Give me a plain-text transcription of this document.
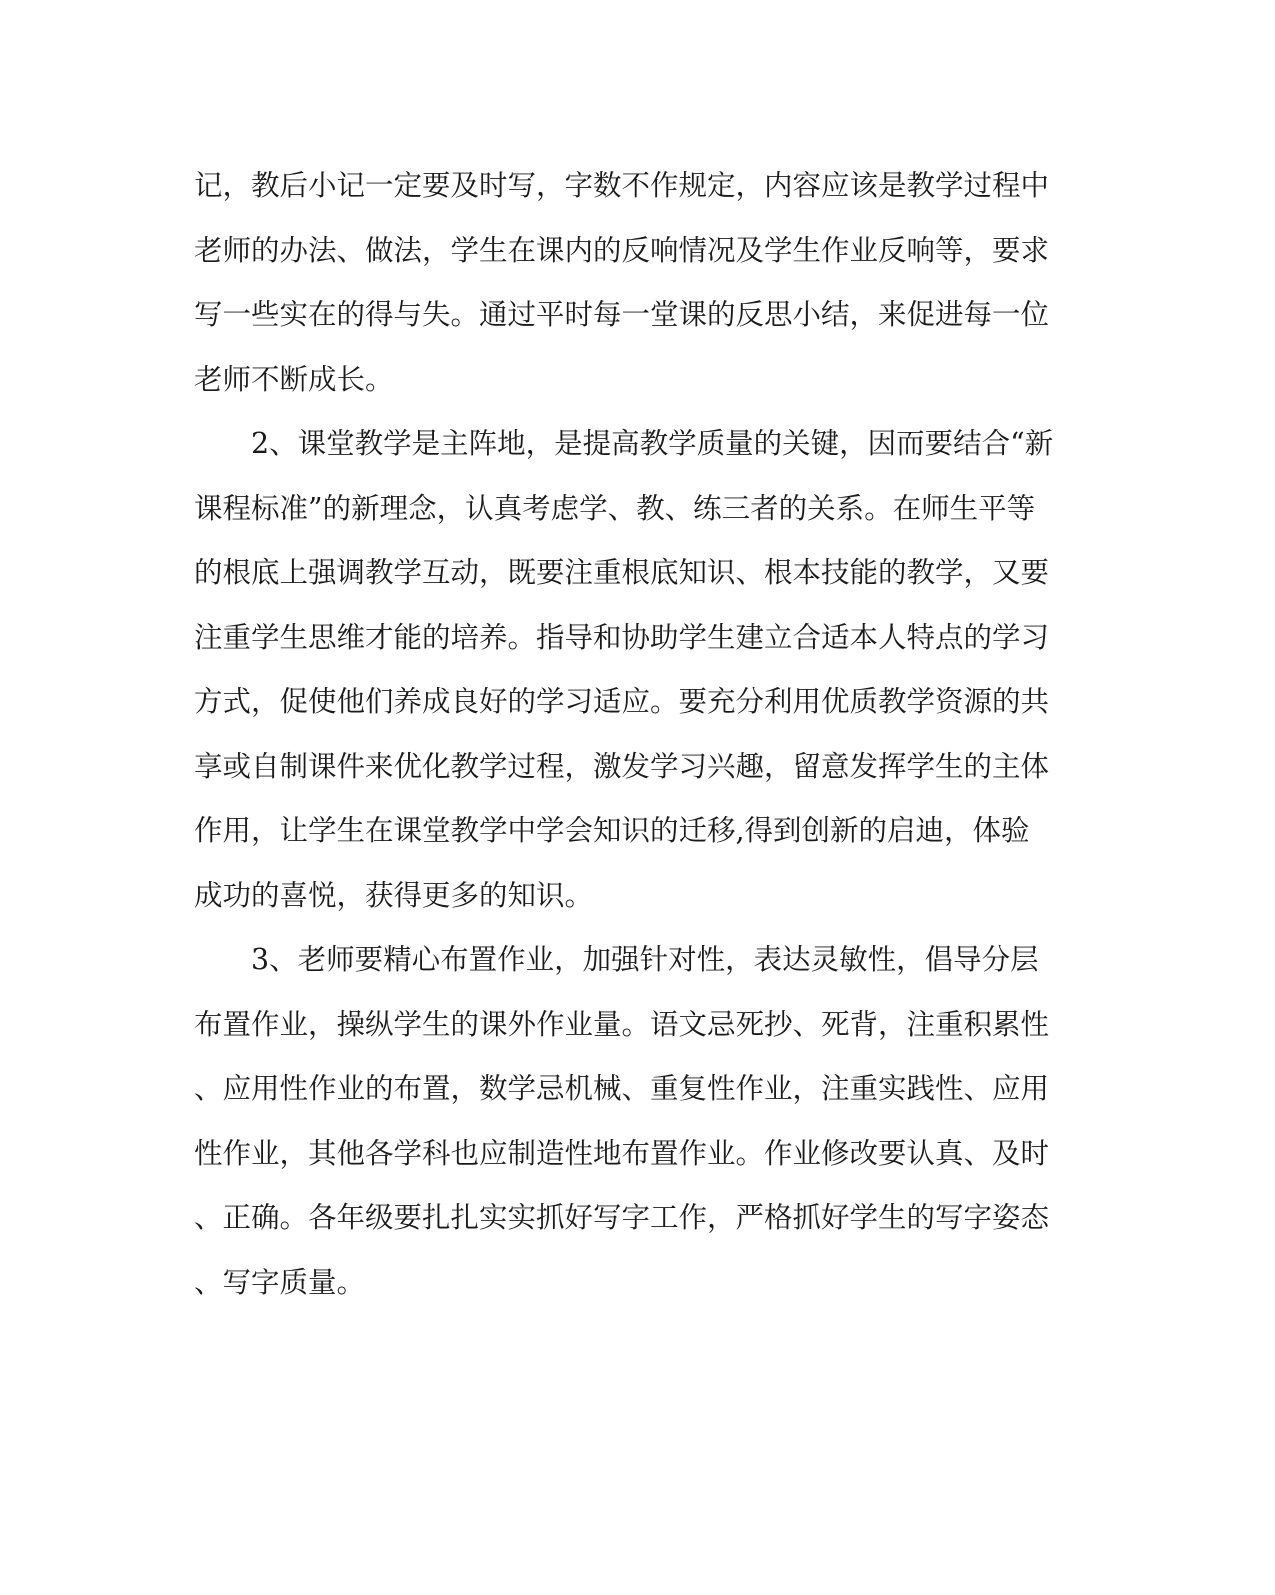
记，教后小记一定要及时写，字数不作规定，内容应该是教学过程中
老师的办法、做法，学生在课内的反响情况及学生作业反响等，要求
写一些实在的得与失。通过平时每一堂课的反思小结，来促进每一位
老师不断成长。
　　2、课堂教学是主阵地，是提高教学质量的关键，因而要结合“新
课程标准”的新理念，认真考虑学、教、练三者的关系。在师生平等
的根底上强调教学互动，既要注重根底知识、根本技能的教学，又要
注重学生思维才能的培养。指导和协助学生建立合适本人特点的学习
方式，促使他们养成良好的学习适应。要充分利用优质教学资源的共
享或自制课件来优化教学过程，激发学习兴趣，留意发挥学生的主体
作用，让学生在课堂教学中学会知识的迁移,得到创新的启迪，体验
成功的喜悦，获得更多的知识。
　　3、老师要精心布置作业，加强针对性，表达灵敏性，倡导分层
布置作业，操纵学生的课外作业量。语文忌死抄、死背，注重积累性
、应用性作业的布置，数学忌机械、重复性作业，注重实践性、应用
性作业，其他各学科也应制造性地布置作业。作业修改要认真、及时
、正确。各年级要扎扎实实抓好写字工作，严格抓好学生的写字姿态
、写字质量。
